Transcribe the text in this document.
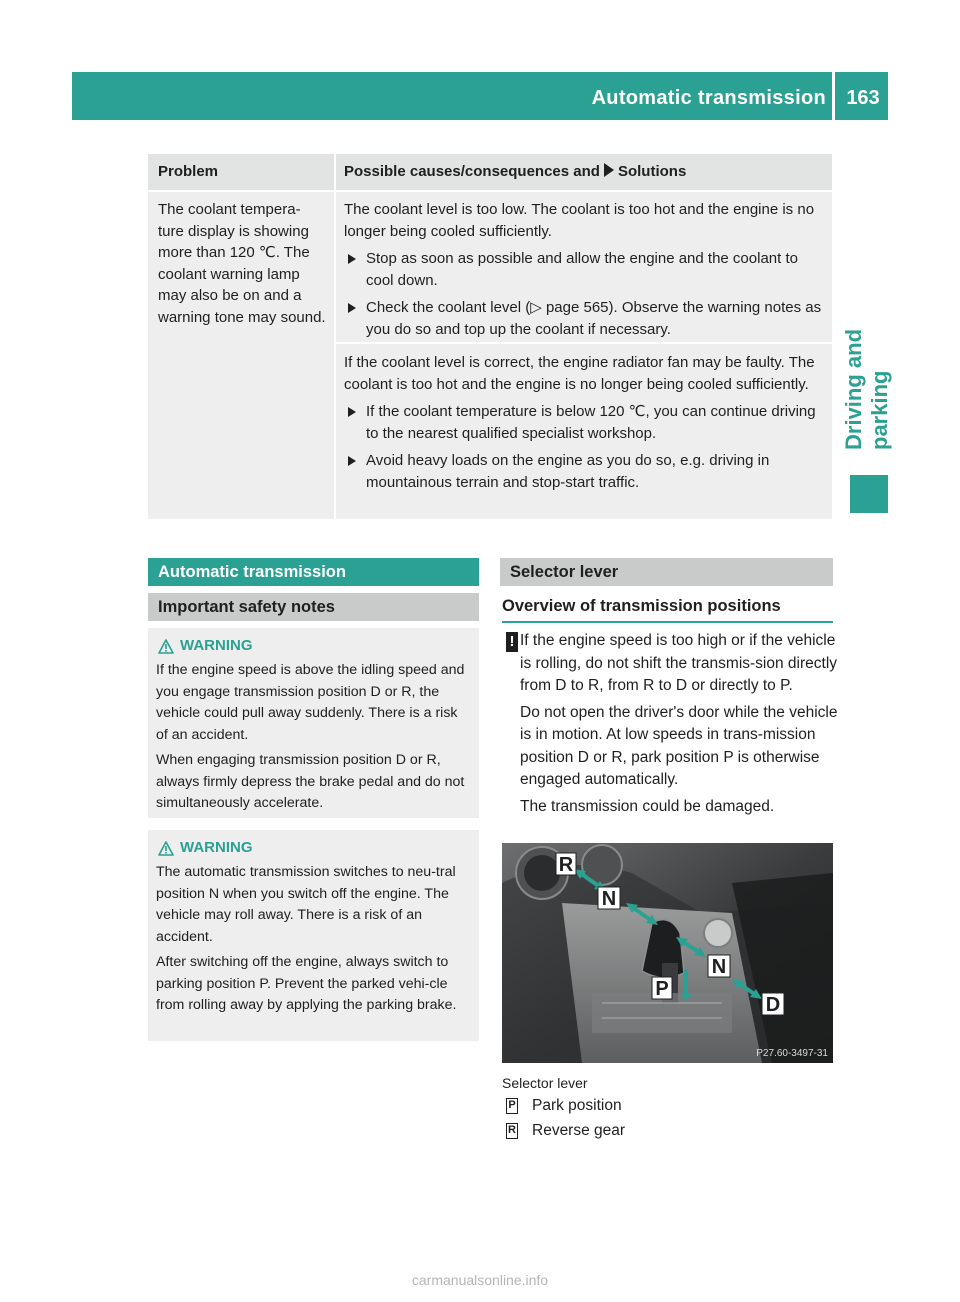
Automatic transmission	163
Driving and parking
Problem	Possible causes/consequences and Solutions
The coolant tempera-ture display is showing more than 120 ℃. The coolant warning lamp may also be on and a warning tone may sound.

The coolant level is too low. The coolant is too hot and the engine is no longer being cooled sufficiently.

Stop as soon as possible and allow the engine and the coolant to cool down.

Check the coolant level (▷ page 565). Observe the warning notes as you do so and top up the coolant if necessary.

If the coolant level is correct, the engine radiator fan may be faulty. The coolant is too hot and the engine is no longer being cooled sufficiently.

If the coolant temperature is below 120 ℃, you can continue driving to the nearest qualified specialist workshop.

Avoid heavy loads on the engine as you do so, e.g. driving in mountainous terrain and stop-start traffic.

Automatic transmission
Important safety notes
WARNING

If the engine speed is above the idling speed and you engage transmission position D or R, the vehicle could pull away suddenly. There is a risk of an accident.

When engaging transmission position D or R, always firmly depress the brake pedal and do not simultaneously accelerate.

WARNING

The automatic transmission switches to neu-tral position N when you switch off the engine. The vehicle may roll away. There is a risk of an accident.

After switching off the engine, always switch to parking position P. Prevent the parked vehi-cle from rolling away by applying the parking brake.

Selector lever
Overview of transmission positions
! If the engine speed is too high or if the vehicle is rolling, do not shift the transmis-sion directly from D to R, from R to D or directly to P.

Do not open the driver's door while the vehicle is in motion. At low speeds in trans-mission position D or R, park position P is otherwise engaged automatically.

The transmission could be damaged.

R
N
N
P
D
P27.60-3497-31
Selector lever
P Park position
R Reverse gear
carmanualsonline.info
